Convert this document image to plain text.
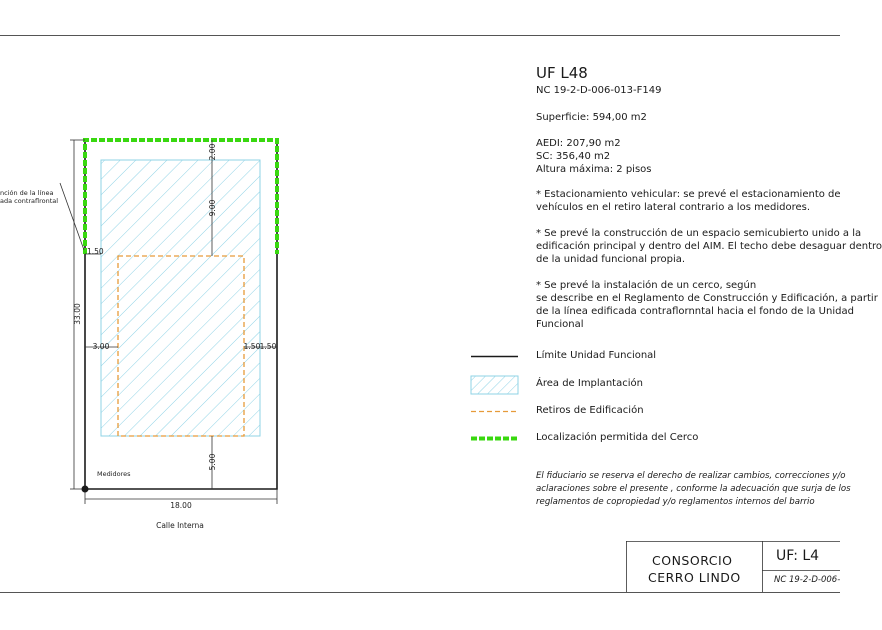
2.00
9.00
5.00
33.00
1.50
3.00	1.50 1.50
18.00
nción de la línea
ada contraflrontal
Medidores
Calle Interna

UF L48

NC 19-2-D-006-013-F149

Superficie: 594,00 m2

AEDI: 207,90 m2

SC: 356,40 m2

Altura máxima: 2 pisos

* Estacionamiento vehicular: se prevé el estacionamiento de

vehículos en el retiro lateral contrario a los medidores.

* Se prevé la construcción de un espacio semicubierto unido a la

edificación principal y dentro del AIM. El techo debe desaguar dentro

de la unidad funcional propia.

* Se prevé la instalación de un cerco, según

se describe en el Reglamento de Construcción y Edificación, a partir

de la línea edificada contraflornntal hacia el fondo de la Unidad

Funcional

Límite Unidad Funcional
Área de Implantación
Retiros de Edificación
Localización permitida del Cerco
El fiduciario se reserva el derecho de realizar cambios, correcciones y/o
aclaraciones sobre el presente , conforme la adecuación que surja de los
reglamentos de copropiedad y/o reglamentos internos del barrio
CONSORCIO
CERRO LINDO
UF: L4
NC 19-2-D-006-
